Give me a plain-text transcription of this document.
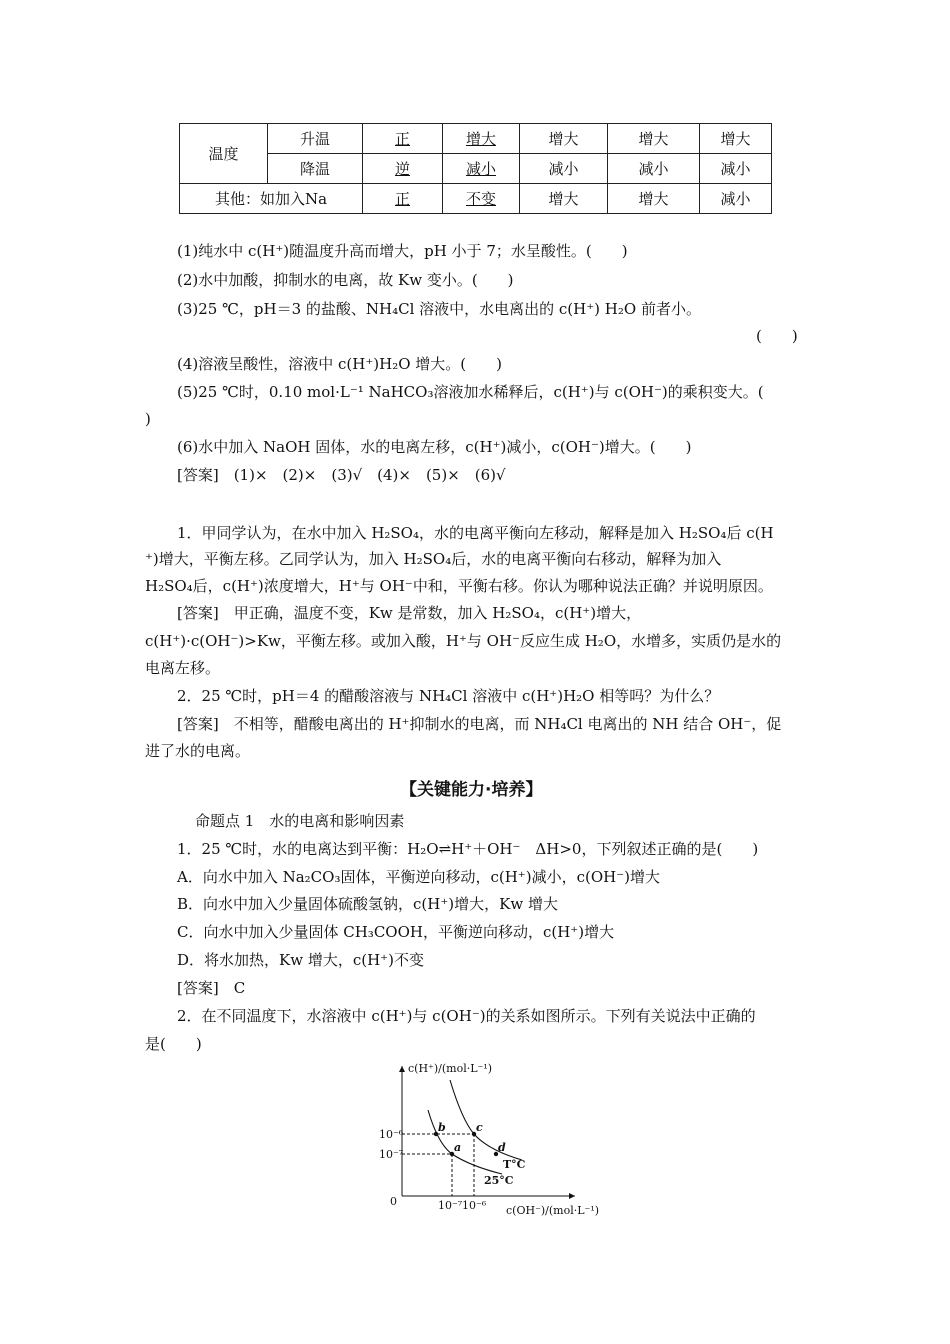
温度	升温	正	增大	增大	增大	增大
	降温	逆	减小	减小	减小	减小
其他：如加入Na		正	不变	增大	增大	减小
(1)纯水中 c(H⁺)随温度升高而增大，pH 小于 7；水呈酸性。(　　)
(2)水中加酸，抑制水的电离，故 Kw 变小。(　　)
(3)25 ℃，pH＝3 的盐酸、NH₄Cl 溶液中，水电离出的 c(H⁺) H₂O 前者小。
(　　)
(4)溶液呈酸性，溶液中 c(H⁺)H₂O 增大。(　　)
(5)25 ℃时，0.10 mol·L⁻¹ NaHCO₃溶液加水稀释后，c(H⁺)与 c(OH⁻)的乘积变大。(
)
(6)水中加入 NaOH 固体，水的电离左移，c(H⁺)减小，c(OH⁻)增大。(　　)
[答案]　(1)×　(2)×　(3)√　(4)×　(5)×　(6)√
1．甲同学认为，在水中加入 H₂SO₄，水的电离平衡向左移动，解释是加入 H₂SO₄后 c(H
⁺)增大，平衡左移。乙同学认为，加入 H₂SO₄后，水的电离平衡向右移动，解释为加入
H₂SO₄后，c(H⁺)浓度增大，H⁺与 OH⁻中和，平衡右移。你认为哪种说法正确？并说明原因。
[答案]　甲正确，温度不变，Kw 是常数，加入 H₂SO₄，c(H⁺)增大，
c(H⁺)·c(OH⁻)>Kw，平衡左移。或加入酸，H⁺与 OH⁻反应生成 H₂O，水增多，实质仍是水的
电离左移。
2．25 ℃时，pH＝4 的醋酸溶液与 NH₄Cl 溶液中 c(H⁺)H₂O 相等吗？为什么？
[答案]　不相等，醋酸电离出的 H⁺抑制水的电离，而 NH₄Cl 电离出的 NH 结合 OH⁻，促
进了水的电离。
【关键能力·培养】
命题点 1　水的电离和影响因素
1．25 ℃时，水的电离达到平衡：H₂O⇌H⁺＋OH⁻　ΔH>0，下列叙述正确的是(　　)
A．向水中加入 Na₂CO₃固体，平衡逆向移动，c(H⁺)减小，c(OH⁻)增大
B．向水中加入少量固体硫酸氢钠，c(H⁺)增大，Kw 增大
C．向水中加入少量固体 CH₃COOH，平衡逆向移动，c(H⁺)增大
D．将水加热，Kw 增大，c(H⁺)不变
[答案]　C
2．在不同温度下，水溶液中 c(H⁺)与 c(OH⁻)的关系如图所示。下列有关说法中正确的
是(　　)
c(H⁺)/(mol·L⁻¹)
c(OH⁻)/(mol·L⁻¹)
0
10⁻⁶
10⁻⁷
10⁻⁷ 10⁻⁶
a
b	c
d
T°C
25°C
